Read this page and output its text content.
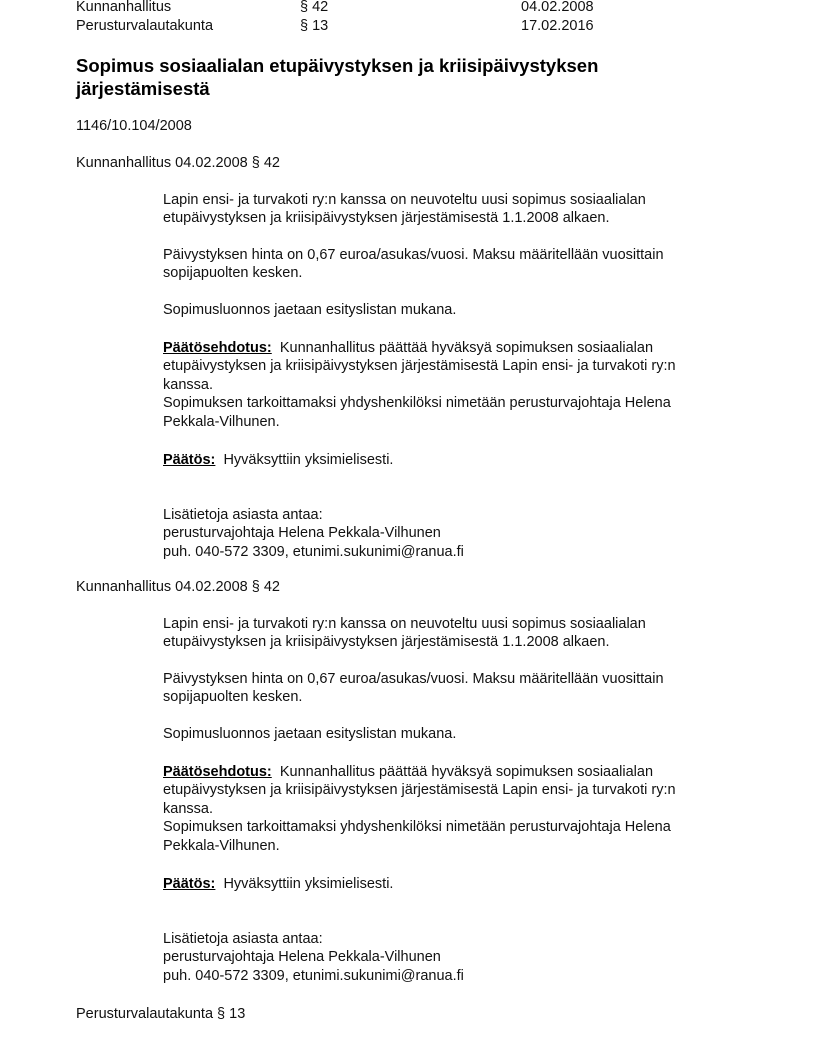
Kunnanhallitus	§ 42	04.02.2008
Perusturvalautakunta	§ 13	17.02.2016
Sopimus sosiaalialan etupäivystyksen ja kriisipäivystyksen
järjestämisestä
1146/10.104/2008
Kunnanhallitus 04.02.2008 § 42
Lapin ensi- ja turvakoti ry:n kanssa on neuvoteltu uusi sopimus sosiaalialan
etupäivystyksen ja kriisipäivystyksen järjestämisestä 1.1.2008 alkaen.
Päivystyksen hinta on 0,67 euroa/asukas/vuosi. Maksu määritellään vuosittain
sopijapuolten kesken.
Sopimusluonnos jaetaan esityslistan mukana.
Päätösehdotus: Kunnanhallitus päättää hyväksyä sopimuksen sosiaalialan
etupäivystyksen ja kriisipäivystyksen järjestämisestä Lapin ensi- ja turvakoti ry:n
kanssa.
Sopimuksen tarkoittamaksi yhdyshenkilöksi nimetään perusturvajohtaja Helena
Pekkala-Vilhunen.
Päätös: Hyväksyttiin yksimielisesti.
Lisätietoja asiasta antaa:
perusturvajohtaja Helena Pekkala-Vilhunen
puh. 040-572 3309, etunimi.sukunimi@ranua.fi
Kunnanhallitus 04.02.2008 § 42
Lapin ensi- ja turvakoti ry:n kanssa on neuvoteltu uusi sopimus sosiaalialan
etupäivystyksen ja kriisipäivystyksen järjestämisestä 1.1.2008 alkaen.
Päivystyksen hinta on 0,67 euroa/asukas/vuosi. Maksu määritellään vuosittain
sopijapuolten kesken.
Sopimusluonnos jaetaan esityslistan mukana.
Päätösehdotus: Kunnanhallitus päättää hyväksyä sopimuksen sosiaalialan
etupäivystyksen ja kriisipäivystyksen järjestämisestä Lapin ensi- ja turvakoti ry:n
kanssa.
Sopimuksen tarkoittamaksi yhdyshenkilöksi nimetään perusturvajohtaja Helena
Pekkala-Vilhunen.
Päätös: Hyväksyttiin yksimielisesti.
Lisätietoja asiasta antaa:
perusturvajohtaja Helena Pekkala-Vilhunen
puh. 040-572 3309, etunimi.sukunimi@ranua.fi
Perusturvalautakunta § 13
